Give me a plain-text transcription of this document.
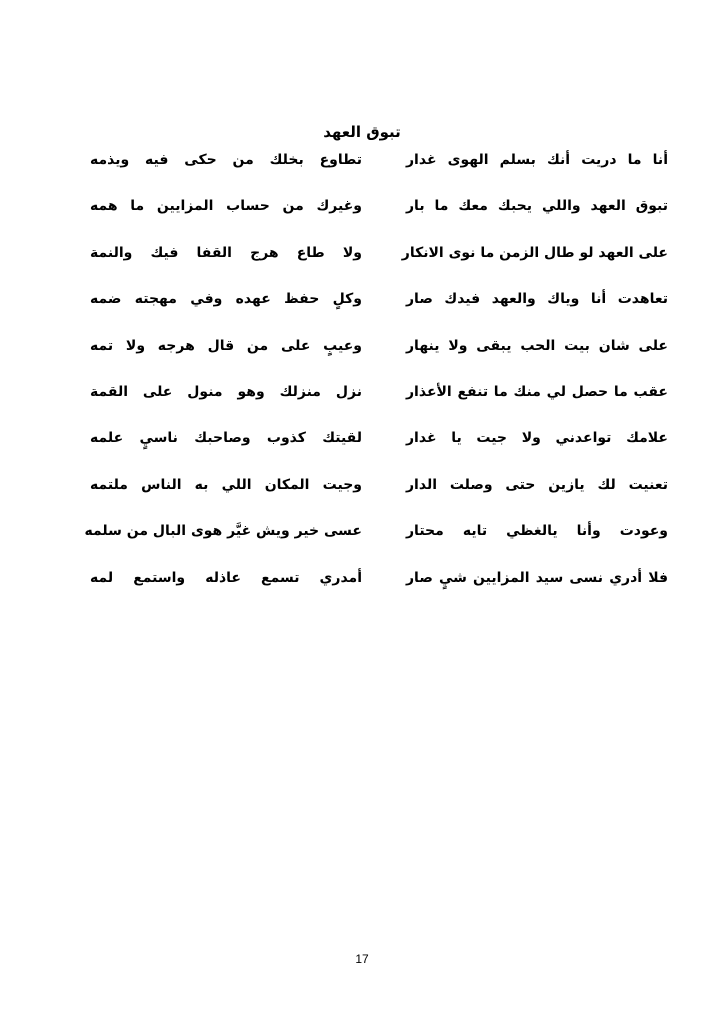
تبوق العهد
أنا ما دريت أنك بسلم الهوى غدار
تطاوع بخلك من حكى فيه ويذمه
تبوق العهد واللي يحبك معك ما بار
وغيرك من حساب المزايين ما همه
على العهد لو طال الزمن ما نوى الانكار
ولا طاع هرج القفا فيك والنمة
تعاهدت أنا وياك والعهد فيدك صار
وكلٍ حفظ عهده وفي مهجته ضمه
على شان بيت الحب يبقى ولا ينهار
وعيبٍ على من قال هرجه ولا تمه
عقب ما حصل لي منك ما تنفع الأعذار
نزل منزلك وهو منول على القمة
علامك تواعدني ولا جيت يا غدار
لقيتك كذوب وصاحبك ناسيٍ علمه
تعنيت لك يازين حتى وصلت الدار
وجيت المكان اللي به الناس ملتمه
وعودت وأنا يالغظي تايه محتار
عسى خير ويش غيَّر هوى البال من سلمه
فلا أدري نسى سيد المزايين شيٍ صار
أمدري تسمع عاذله واستمع لمه
17
